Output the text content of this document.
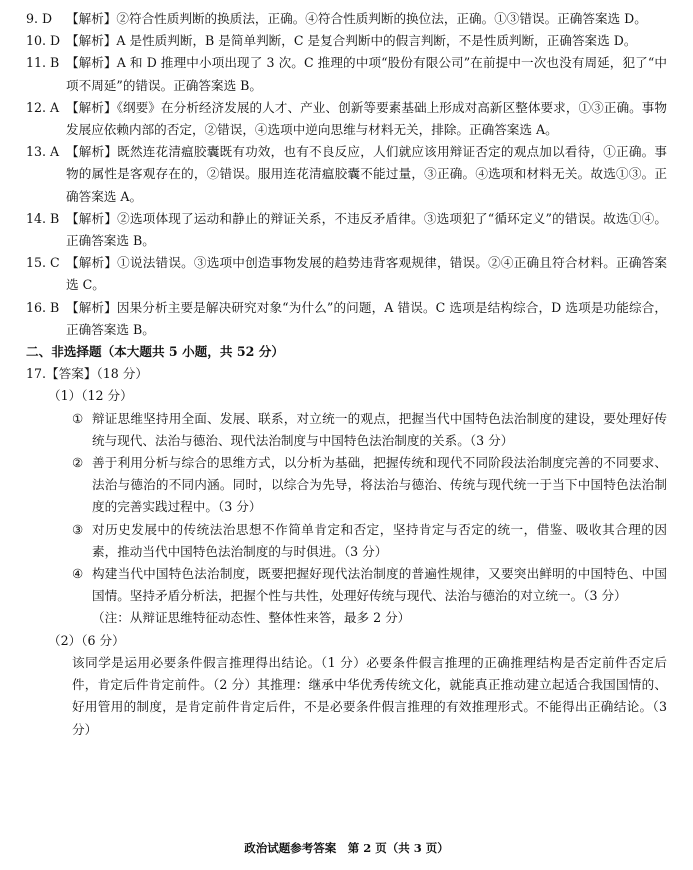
9. D	【解析】②符合性质判断的换质法，正确。④符合性质判断的换位法，正确。①③错误。正确答案选 D。
10. D 【解析】A 是性质判断，B 是简单判断，C 是复合判断中的假言判断，不是性质判断，正确答案选 D。
11. B 【解析】A 和 D 推理中小项出现了 3 次。C 推理的中项“股份有限公司”在前提中一次也没有周延，犯了“中项不周延”的错误。正确答案选 B。
12. A 【解析】《纲要》在分析经济发展的人才、产业、创新等要素基础上形成对高新区整体要求，①③正确。事物发展应依赖内部的否定，②错误，④选项中逆向思维与材料无关，排除。正确答案选 A。
13. A 【解析】既然连花清瘟胶囊既有功效，也有不良反应，人们就应该用辩证否定的观点加以看待，①正确。事物的属性是客观存在的，②错误。服用连花清瘟胶囊不能过量，③正确。④选项和材料无关。故选①③。正确答案选 A。
14. B 【解析】②选项体现了运动和静止的辩证关系，不违反矛盾律。③选项犯了“循环定义”的错误。故选①④。正确答案选 B。
15. C 【解析】①说法错误。③选项中创造事物发展的趋势违背客观规律，错误。②④正确且符合材料。正确答案选 C。
16. B 【解析】因果分析主要是解决研究对象“为什么”的问题，A 错误。C 选项是结构综合，D 选项是功能综合，正确答案选 B。
二、非选择题（本大题共 5 小题，共 52 分）
17. 【答案】（18 分）
（1）（12 分）
① 辩证思维坚持用全面、发展、联系，对立统一的观点，把握当代中国特色法治制度的建设，要处理好传统与现代、法治与德治、现代法治制度与中国特色法治制度的关系。（3 分）
② 善于利用分析与综合的思维方式，以分析为基础，把握传统和现代不同阶段法治制度完善的不同要求、法治与德治的不同内涵。同时，以综合为先导，将法治与德治、传统与现代统一于当下中国特色法治制度的完善实践过程中。（3 分）
③ 对历史发展中的传统法治思想不作简单肯定和否定，坚持肯定与否定的统一，借鉴、吸收其合理的因素，推动当代中国特色法治制度的与时俱进。（3 分）
④ 构建当代中国特色法治制度，既要把握好现代法治制度的普遍性规律，又要突出鲜明的中国特色、中国国情。坚持矛盾分析法，把握个性与共性，处理好传统与现代、法治与德治的对立统一。（3 分）
（注：从辩证思维特征动态性、整体性来答，最多 2 分）
（2）（6 分）
该同学是运用必要条件假言推理得出结论。（1 分）必要条件假言推理的正确推理结构是否定前件否定后件，肯定后件肯定前件。（2 分）其推理：继承中华优秀传统文化，就能真正推动建立起适合我国国情的、好用管用的制度，是肯定前件肯定后件，不是必要条件假言推理的有效推理形式。不能得出正确结论。（3 分）
政治试题参考答案　第 2 页（共 3 页）
